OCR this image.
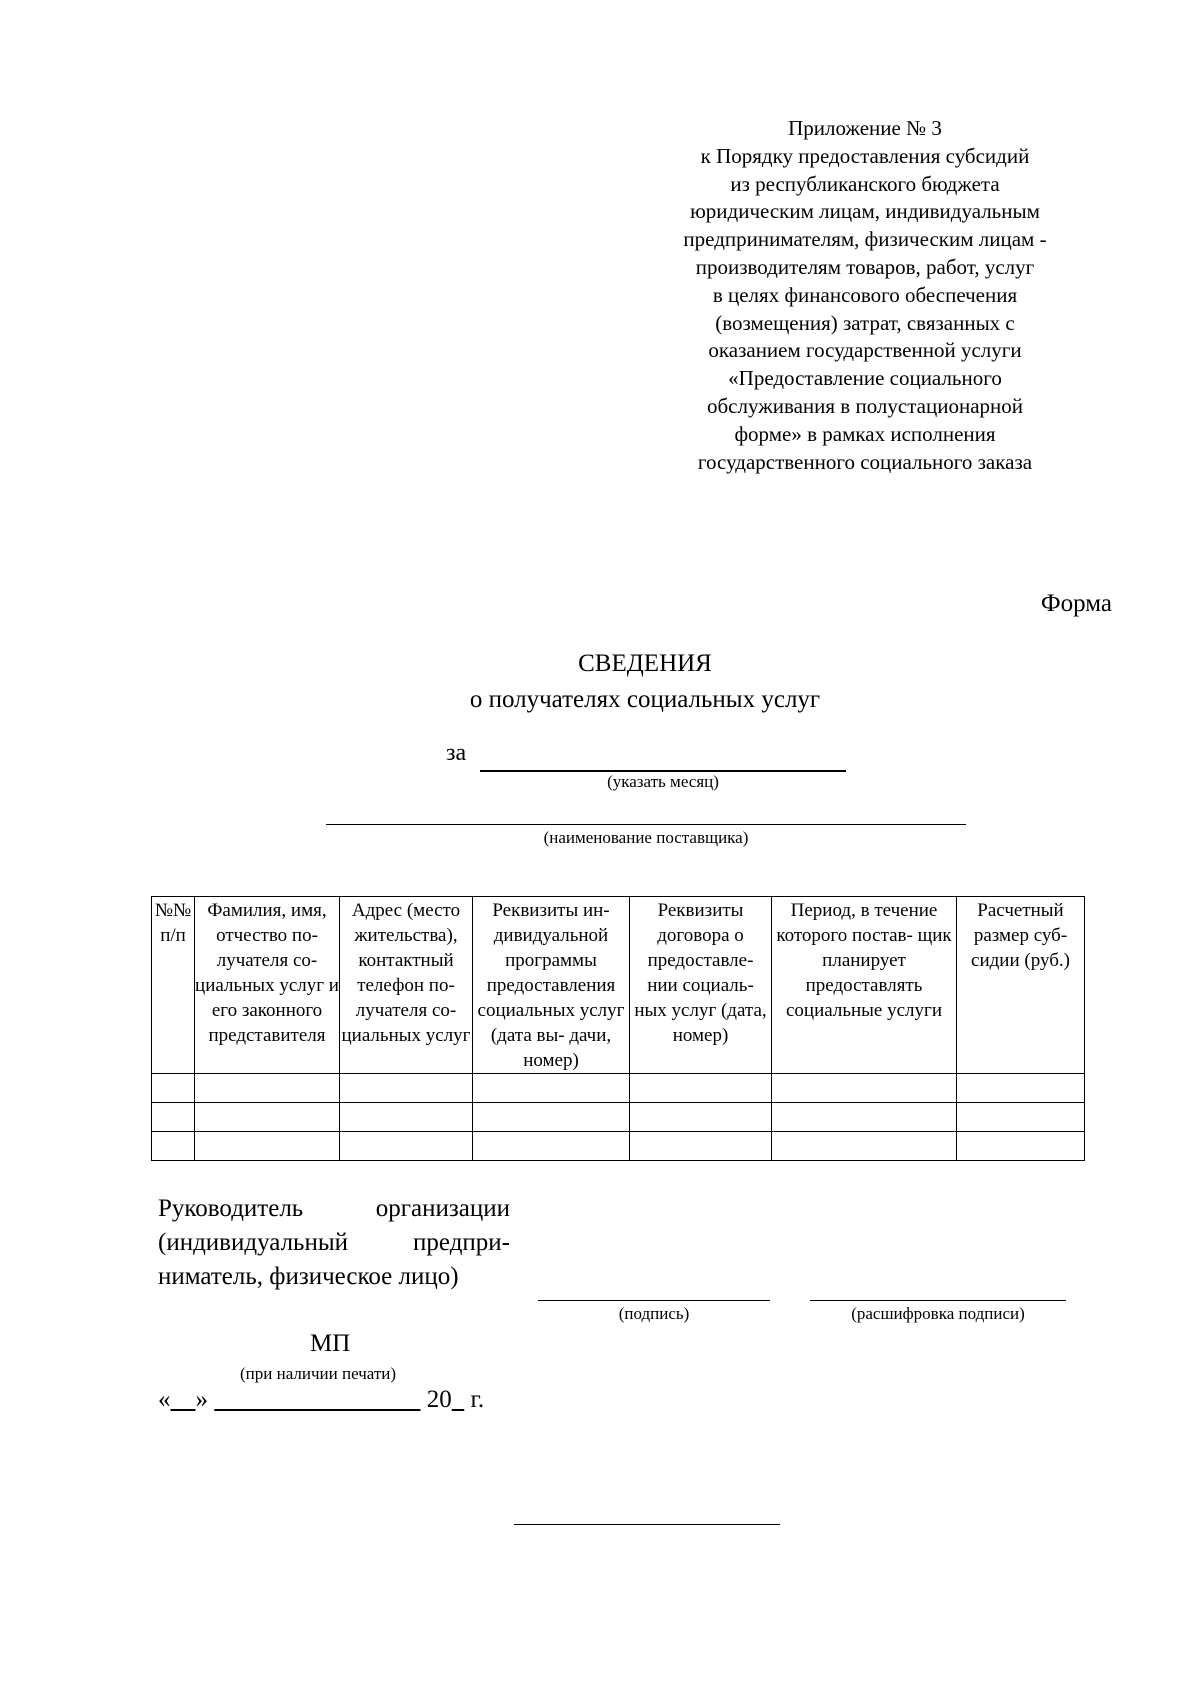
Приложение № 3
к Порядку предоставления субсидий
из республиканского бюджета
юридическим лицам, индивидуальным
предпринимателям, физическим лицам -
производителям товаров, работ, услуг
в целях финансового обеспечения
(возмещения) затрат, связанных с
оказанием государственной услуги
«Предоставление социального
обслуживания в полустационарной
форме» в рамках исполнения
государственного социального заказа
Форма
СВЕДЕНИЯ
о получателях социальных услуг
за
(указать месяц)
(наименование поставщика)
№№ п/п	Фамилия, имя, отчество по- лучателя со- циальных услуг и его законного представителя	Адрес (место жительства), контактный телефон по- лучателя со- циальных услуг	Реквизиты ин- дивидуальной программы предоставления социальных услуг (дата вы- дачи, номер)	Реквизиты договора о предоставле- нии социаль- ных услуг (дата, номер)	Период, в течение которого постав- щик планирует предоставлять социальные услуги	Расчетный размер суб- сидии (руб.)

Руководитель организации
(индивидуальный предпри-
ниматель, физическое лицо)
(подпись)	(расшифровка подписи)
МП
(при наличии печати)
« »	20   г.
